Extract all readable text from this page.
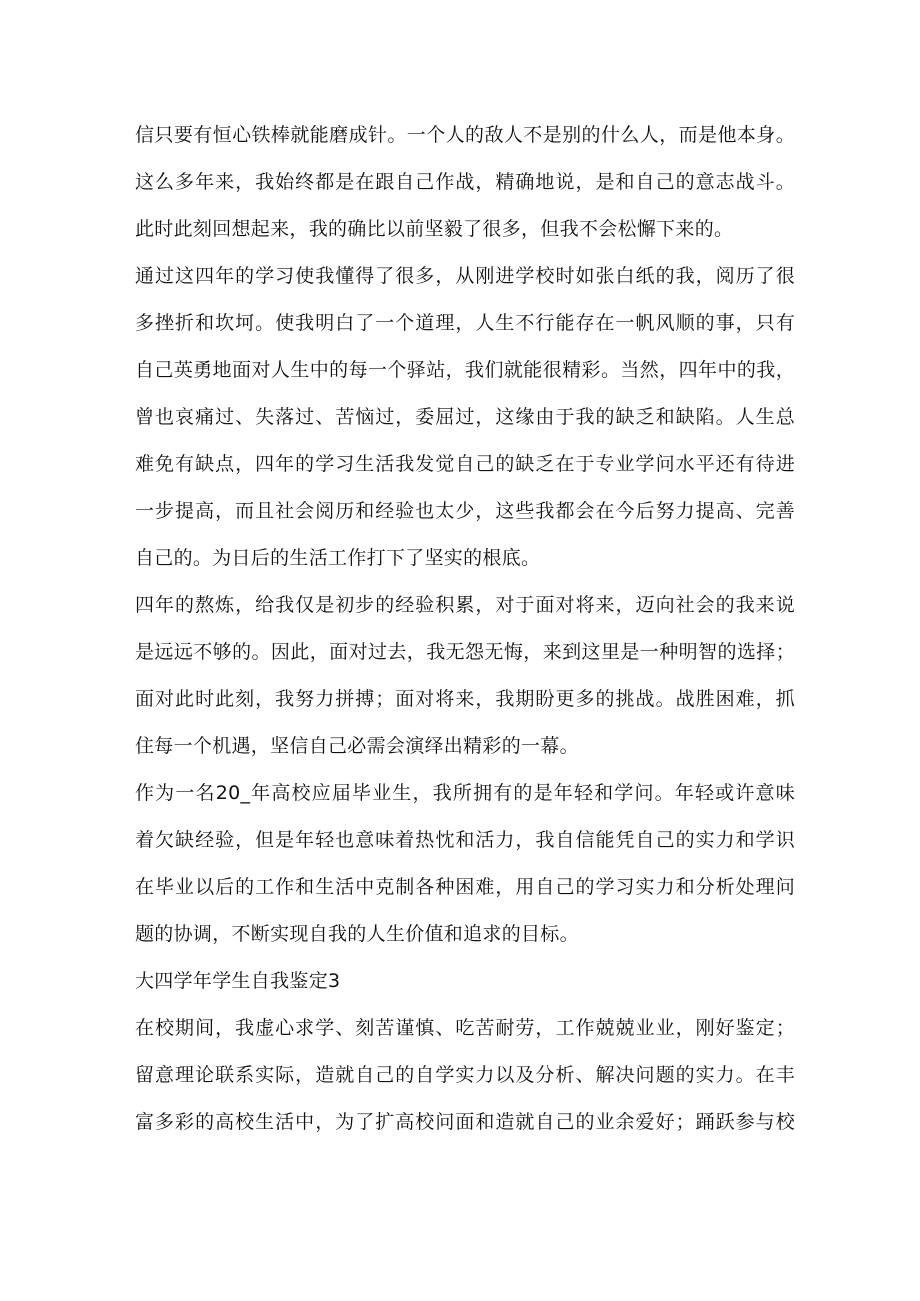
信只要有恒心铁棒就能磨成针。一个人的敌人不是别的什么人，而是他本身。
这么多年来，我始终都是在跟自己作战，精确地说，是和自己的意志战斗。
此时此刻回想起来，我的确比以前坚毅了很多，但我不会松懈下来的。
通过这四年的学习使我懂得了很多，从刚进学校时如张白纸的我，阅历了很
多挫折和坎坷。使我明白了一个道理，人生不行能存在一帆风顺的事，只有
自己英勇地面对人生中的每一个驿站，我们就能很精彩。当然，四年中的我，
曾也哀痛过、失落过、苦恼过，委屈过，这缘由于我的缺乏和缺陷。人生总
难免有缺点，四年的学习生活我发觉自己的缺乏在于专业学问水平还有待进
一步提高，而且社会阅历和经验也太少，这些我都会在今后努力提高、完善
自己的。为日后的生活工作打下了坚实的根底。
四年的熬炼，给我仅是初步的经验积累，对于面对将来，迈向社会的我来说
是远远不够的。因此，面对过去，我无怨无悔，来到这里是一种明智的选择；
面对此时此刻，我努力拼搏；面对将来，我期盼更多的挑战。战胜困难，抓
住每一个机遇，坚信自己必需会演绎出精彩的一幕。
作为一名20_年高校应届毕业生，我所拥有的是年轻和学问。年轻或许意味
着欠缺经验，但是年轻也意味着热忱和活力，我自信能凭自己的实力和学识
在毕业以后的工作和生活中克制各种困难，用自己的学习实力和分析处理问
题的协调，不断实现自我的人生价值和追求的目标。
大四学年学生自我鉴定3
在校期间，我虚心求学、刻苦谨慎、吃苦耐劳，工作兢兢业业，刚好鉴定；
留意理论联系实际，造就自己的自学实力以及分析、解决问题的实力。在丰
富多彩的高校生活中，为了扩高校问面和造就自己的业余爱好；踊跃参与校
